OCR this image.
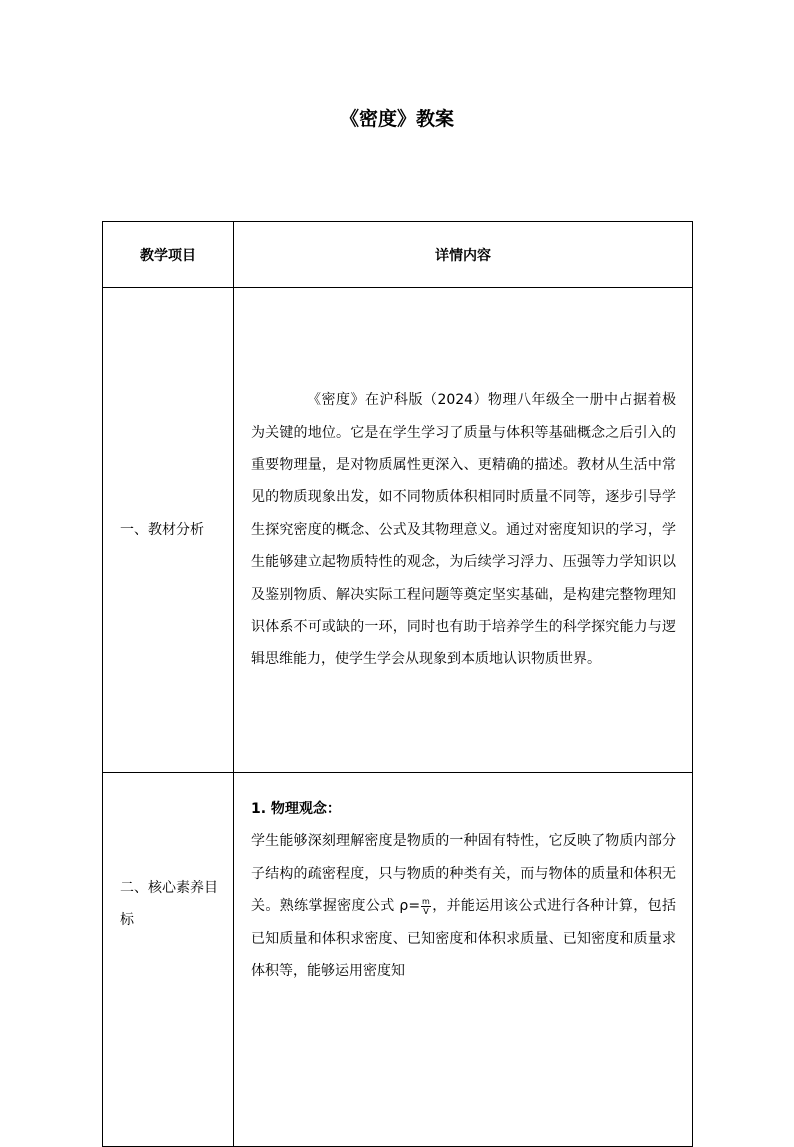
《密度》教案
教学项目	详情内容
一、教材分析	《密度》在沪科版（2024）物理八年级全一册中占据着极为关键的地位。它是在学生学习了质量与体积等基础概念之后引入的重要物理量，是对物质属性更深入、更精确的描述。教材从生活中常见的物质现象出发，如不同物质体积相同时质量不同等，逐步引导学生探究密度的概念、公式及其物理意义。通过对密度知识的学习，学生能够建立起物质特性的观念，为后续学习浮力、压强等力学知识以及鉴别物质、解决实际工程问题等奠定坚实基础，是构建完整物理知识体系不可或缺的一环，同时也有助于培养学生的科学探究能力与逻辑思维能力，使学生学会从现象到本质地认识物质世界。

二、核心素养目标	1. 物理观念：

学生能够深刻理解密度是物质的一种固有特性，它反映了物质内部分子结构的疏密程度，只与物质的种类有关，而与物体的质量和体积无关。熟练掌握密度公式 $\rho= \frac{m}{V}$ ，并能运用该公式进行各种计算，包括已知质量和体积求密度、已知密度和体积求质量、已知密度和质量求体积等，能够运用密度知
